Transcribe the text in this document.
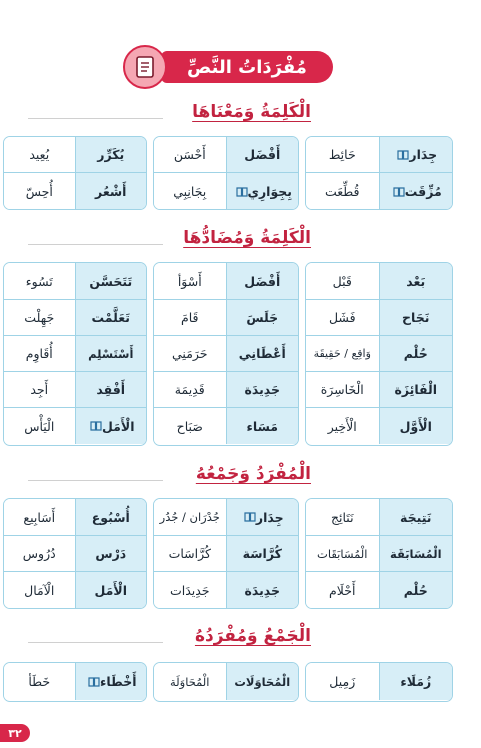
مُفْرَدَاتُ النَّصِّ
الْكَلِمَةُ وَمَعْنَاهَا
جِدَار
حَائِط
مُزِّقَت
قُطِّعَت
أَفْضَل
أَحْسَن
بِجِوَارِي
بِجَانِبِي
يُكَرِّر
يُعِيد
أَشْعُر
أُحِسّ
الْكَلِمَةُ وَمُضَادُّهَا
بَعْد
قَبْل
نَجَاح
فَشَل
حُلْم
وَاقِع / حَقِيقَة
الْفَائِزَة
الْخَاسِرَة
الْأَوَّل
الْأَخِير
أَفْضَل
أَسْوَأ
جَلَسَ
قَامَ
أَعْطَانِي
حَرَمَنِي
جَدِيدَة
قَدِيمَة
مَسَاء
صَبَاح
تَتَحَسَّن
تَسُوء
تَعَلَّمْت
جَهِلْت
أَسْتَسْلِم
أُقَاوِم
أَفْقِد
أَجِد
الْأَمَل
الْيَأْس
الْمُفْرَدُ وَجَمْعُهُ
نَتِيجَة
نَتَائِج
الْمُسَابَقَة
الْمُسَابَقَات
حُلْم
أَحْلَام
جِدَار
جُدْرَان / جُدُر
كُرَّاسَة
كُرَّاسَات
جَدِيدَة
جَدِيدَات
أُسْبُوع
أَسَابِيع
دَرْس
دُرُوس
الْأَمَل
الْآمَال
الْجَمْعُ وَمُفْرَدُهُ
زُمَلَاء
زَمِيل
الْمُحَاوَلَات
الْمُحَاوَلَة
أَخْطَاء
خَطَأ
٣٢
